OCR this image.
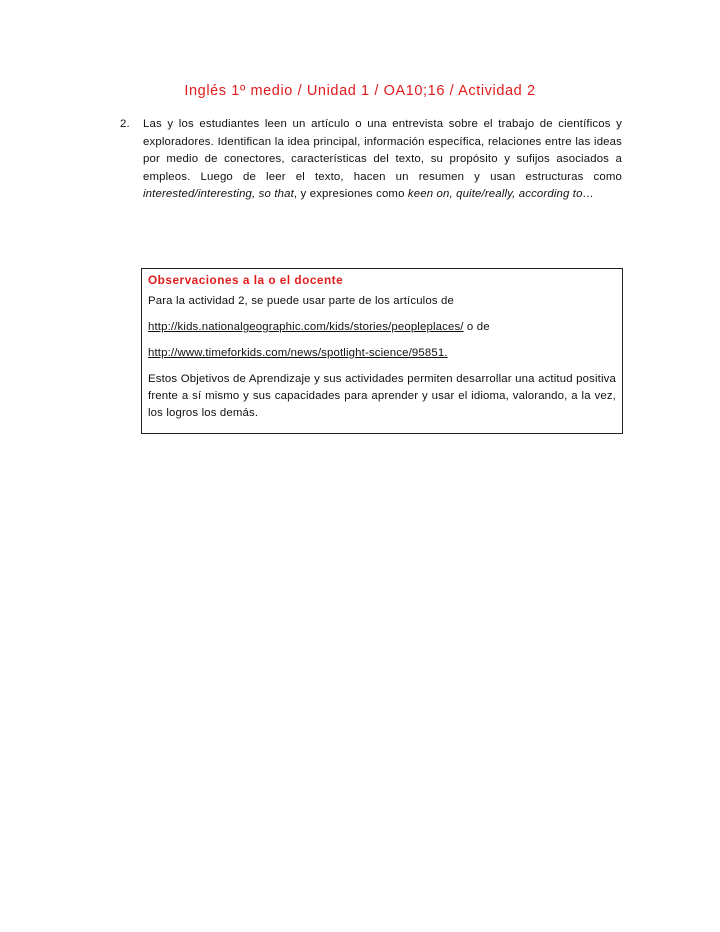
Inglés 1º medio / Unidad 1 / OA10;16 / Actividad 2
2. Las y los estudiantes leen un artículo o una entrevista sobre el trabajo de científicos y exploradores. Identifican la idea principal, información específica, relaciones entre las ideas por medio de conectores, características del texto, su propósito y sufijos asociados a empleos. Luego de leer el texto, hacen un resumen y usan estructuras como interested/interesting, so that, y expresiones como keen on, quite/really, according to…
Observaciones a la o el docente
Para la actividad 2, se puede usar parte de los artículos de
http://kids.nationalgeographic.com/kids/stories/peopleplaces/ o de
http://www.timeforkids.com/news/spotlight-science/95851.
Estos Objetivos de Aprendizaje y sus actividades permiten desarrollar una actitud positiva frente a sí mismo y sus capacidades para aprender y usar el idioma, valorando, a la vez, los logros los demás.
